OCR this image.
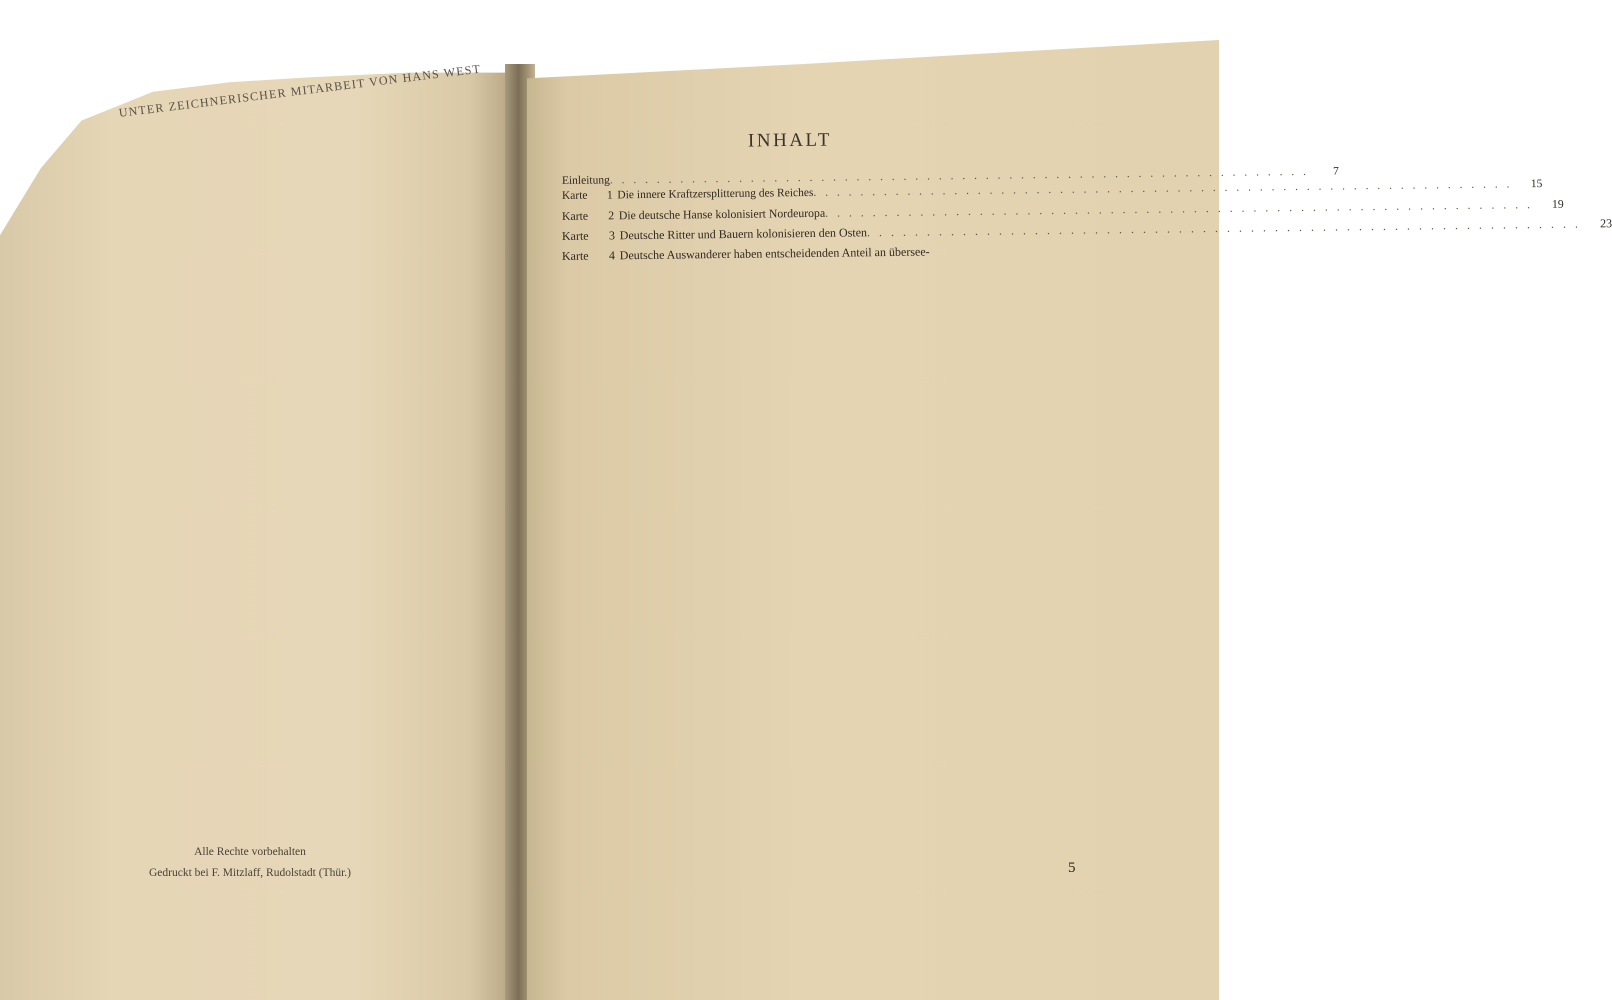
UNTER ZEICHNERISCHER MITARBEIT VON HANS WEST
Alle Rechte vorbehalten
Gedruckt bei F. Mitzlaff, Rudolstadt (Thür.)
INHALT
Einleitung . . . . . . . . . . . . . . . . . . . . . . . . . . . . . . . . . . . . . . . . . . . . . . . . . . . . . . . . . . . .	7
Karte	1 Die innere Kraftzersplitterung des Reiches . . . . . . . . . . . . . . . . . . . . . . . . . . . . . . . . . . . . . . . . . . . . . . . . . . . . . . . . . . . .	15
Karte	2 Die deutsche Hanse kolonisiert Nordeuropa . . . . . . . . . . . . . . . . . . . . . . . . . . . . . . . . . . . . . . . . . . . . . . . . . . . . . . . . . . . .	19
Karte	3 Deutsche Ritter und Bauern kolonisieren den Osten . . . . . . . . . . . . . . . . . . . . . . . . . . . . . . . . . . . . . . . . . . . . . . . . . . . . . . . . . . . .	23
Karte	4 Deutsche Auswanderer haben entscheidenden Anteil an übersee-
5
